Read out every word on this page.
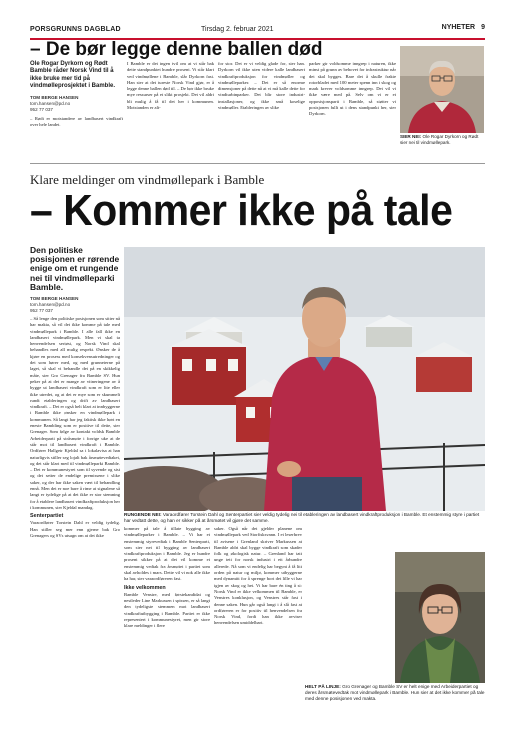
PORSGRUNNS DAGBLAD	Tirsdag 2. februar 2021	NYHETER 9
– De bør legge denne ballen død
Ole Rogar Dyrkorn og Rødt Bamble råder Norsk Vind til å ikke bruke mer tid på vindmølleprosjektet i Bamble.
TOM BERGE HANSEN
tom.hansen@pd.no
952 77 037
– Rødt er motstandere av landbasert vindkraft over hele landet.
I Bamble er det ingen tvil om at vi står bak dette standpunktet hundre prosent. Vi står klart ved vindmøllene i Bamble, slår Dyrkorn fast. Han sier at det tureste Norsk Vind gjør, er å legge denne ballen død til. – De bør ikke bruke mye ressurser på et slikt prosjekt. Det vil aldri bli mulig å få til det her i kommunen. Motstanden er alt-
for stor. Det er vi veldig glade for, sier han. Dyrkorn vil ikke uten videre kalle landbasert vindkraftproduksjon for vindmøller og vindmølleparker. – Det er så enorme dimensjoner på dette nå at vi må kalle dette for vindturbinparker. Det blir store industri-installasjoner, og ikke små koselige vindmøller. Etableringen av slike
parker gir voldsomme inngrep i naturen, ikke minst på grunn av behovet for infrastruktur når det skal bygges. Bare det å skulle frakte rotorbladet med 100 meter spenn inn i skog og mark krever voldsomme inngrep. Det vil vi ikke være med på. Selv om vi er et opposisjonsparti i Bamble, så støtter vi posisjonen fullt ut i dens standpunkt her, sier Dyrkorn.
SIER NEI: Ole Rogar Dyrkorn og Rødt sier nei til vindmøllepark.
Klare meldinger om vindmøllepark i Bamble
– Kommer ikke på tale
Den politiske posisjonen er rørende enige om et rungende nei til vindmølleparki Bamble.
TOM BERGE HANSEN
tom.hansen@pd.no
952 77 037

– Så lenge den politiske posisjonen som sitter nå har makta, så vil det ikke komme på tale med vindmøllepark i Bamble. I alle fall ikke en landbasert vindmøllepark. Men vi skal ta henvendelsen seriøst, og Norsk Vind skal behandles med all mulig respekt. Ønsker de å kjøre en prosess med konsekvensutredninger og det som hører med, og med grunneierne på laget, så skal vi behandle det på en skikkelig måte, sier Gro Grenager fra Bamble SV. Hun peker på at det er mange av vitneringene av å bygge ut landbasert vindkraft som er lite eller ikke utredet, og at det er mye som er skummelt rundt etableringen og drift av landbasert vindkraft. – Det er også helt klart at innbyggerne i Bamble ikke ønsker en vindmøllepark i kommunen. Så langt har jeg faktisk ikke hørt en eneste Bambling som er positive til dette, sier Grenager. Som følge av kontakt voldsk Bamble Arbeiderparti på stråsmøte i forrige uke at de står mot til landbasert vindkraft i Bamble. Ordfører Hallgeir Kjeldal sa i lokalavisa at han naturligvis stiller seg lojalt bak årsmøtevedtaket, og det står klart med til vindmølleparki Bamble. – Det er kommunestyret som til syvende og sist og det setter de endelige premissene i slike saker, og der har ikke saken vært til behandling ennå. Men det er noe bare å rime at signalene så langt er tydelige på at det ikke er stor stemning for å etablere landbasert vindkraftproduksjon her i kommunen, sier Kjeldal mandag.

Senterpartiet

Varaordfører Torstein Dahl er veldig tydelig. Han stiller seg mer enn gjerne bak Gro Grenagers og SVs utsagn om at det ikke

RUNGENDE NEI: Varaordfører Torstein Dahl og Senterpartiet sier veldig tydelig nei til etableringen av landbasert vindkraftproduksjon i Bamble. Et enstemmig styre i partiet har vedtatt dette, og han er sikker på at årsmøtet vil gjøre det samme.

kommer på tale å tillate bygging av vindmølleparker i Bamble. – Vi har et enstemmig styrevedtak i Bamble Senterparti, som sier nei til bygging av landbasert vindkraftproduksjon i Bamble. Jeg er hundre prosent sikker på at det vil komme et enstemmig vedtak fra årsmøtet i partiet som skal avholdes i mars. Dette vil vi nok alle ikke ha har, sier varaordføreren fast.

Ikke velkommen

Bamble Venstre, med førstekandidat og nestleder Line Markussen i spissen, er så langt den tydeligste stemmen mot landbasert vindkraftutbygging i Bamble. Partiet er ikke representert i kommunestyret, men gir store klare meldinger i flere

saker. Også når det gjelder planene om vindmøllepark ved Storfisksvann. I et leserbrev til avisene i Grenland skriver Markussen at Bamble aldri skal bygge vindkraft som skader folk og økologisk natur. – Grenland har tatt unge tett for norsk industri i ett århundre allerede. Nå som vi endelig har begynt å få litt orden på natur og miljø, kommer utbyggerne med dynamitt for å sprenge bort det lille vi har igjen av skog og hei. Vi har bare én ting å si: Norsk Vind er ikke velkommen til Bamble, er Venstres konklusjon, og Venstres står fast i denne saken. Hun går også langt i å slå fast at ordføreren er for positiv til henvendelsen fra Norsk Vind, fordi han ikke avviser henvendelsen umiddelbart.
HELT PÅ LINJE: Gro Grenager og Bamble SV er helt enige med Arbeiderpartiet og deres årsmøtevedtak mot vindmøllepark i Bamble. Hun sier at det ikke kommer på tale med denne posisjonen ved makta.
